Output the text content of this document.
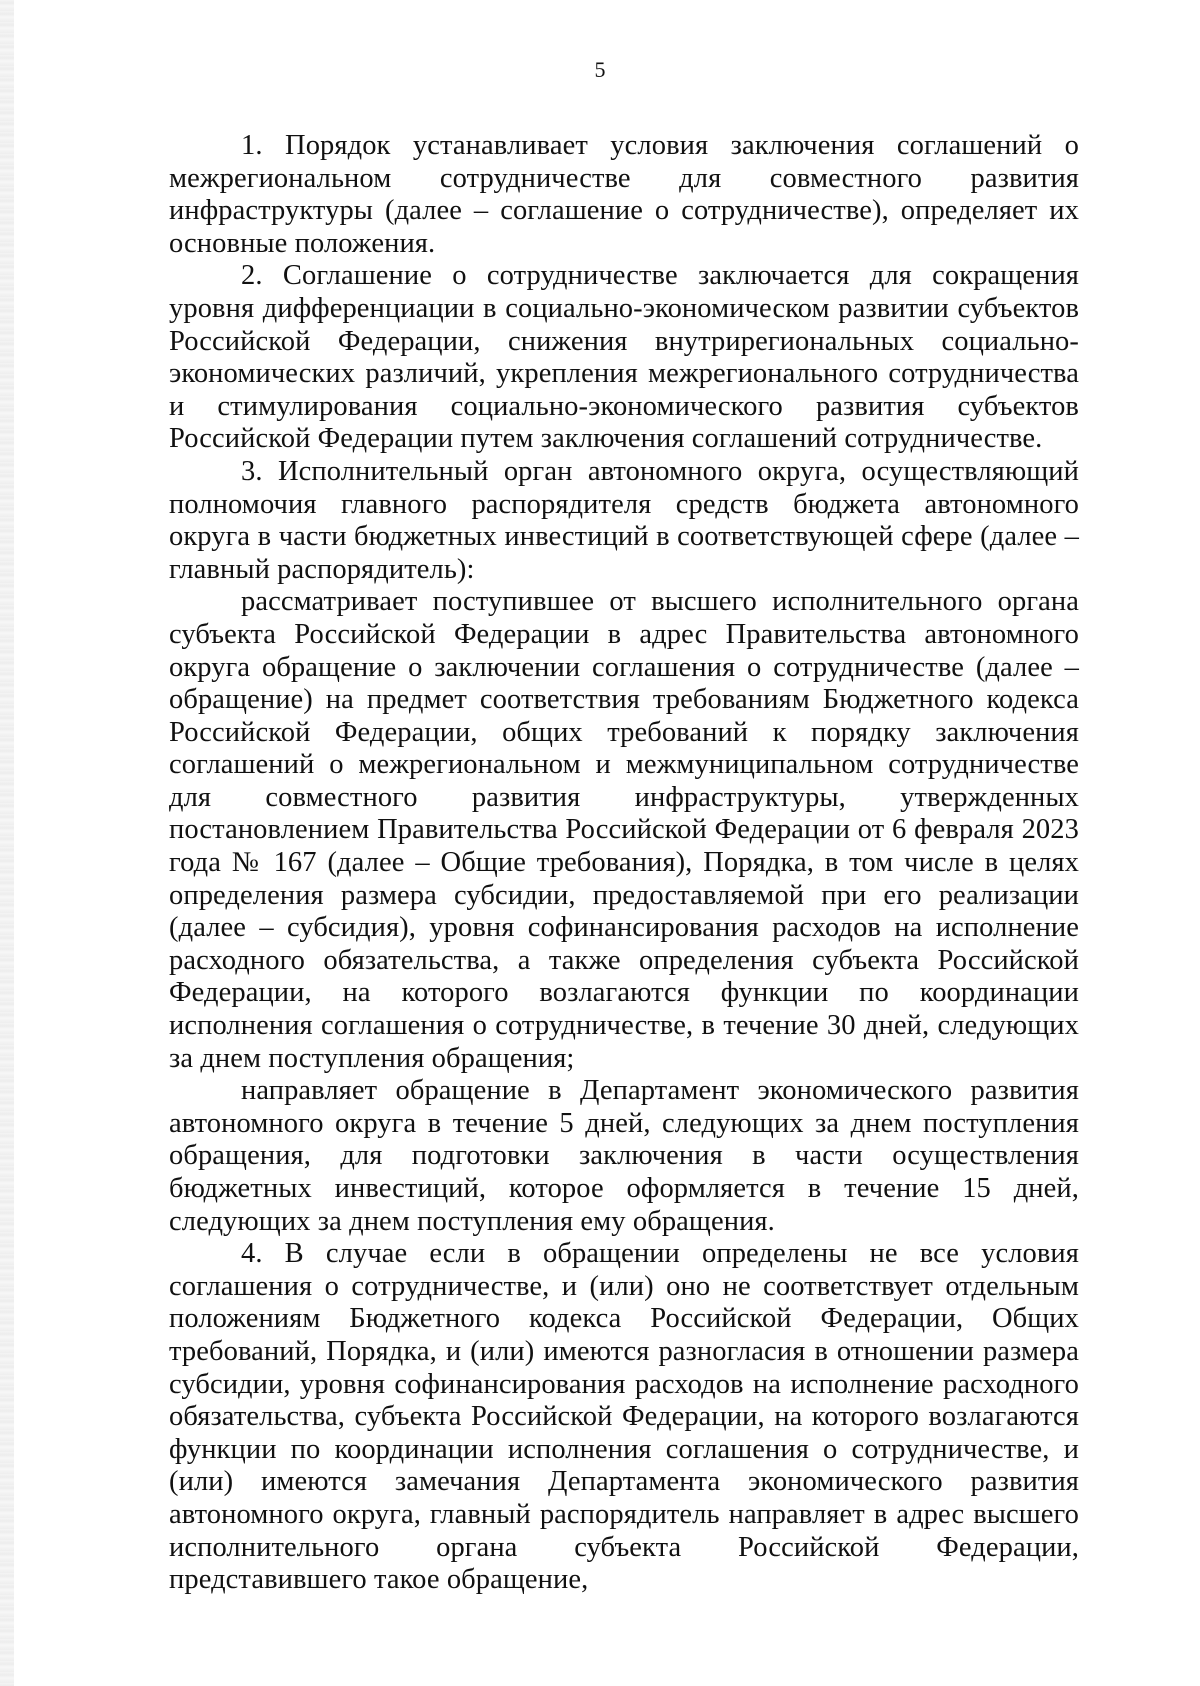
5

1. Порядок устанавливает условия заключения соглашений о межрегиональном сотрудничестве для совместного развития инфраструктуры (далее – соглашение о сотрудничестве), определяет их основные положения.

2. Соглашение о сотрудничестве заключается для сокращения уровня дифференциации в социально-экономическом развитии субъектов Российской Федерации, снижения внутрирегиональных социально-экономических различий, укрепления межрегионального сотрудничества и стимулирования социально-экономического развития субъектов Российской Федерации путем заключения соглашений сотрудничестве.

3. Исполнительный орган автономного округа, осуществляющий полномочия главного распорядителя средств бюджета автономного округа в части бюджетных инвестиций в соответствующей сфере (далее – главный распорядитель):

рассматривает поступившее от высшего исполнительного органа субъекта Российской Федерации в адрес Правительства автономного округа обращение о заключении соглашения о сотрудничестве (далее – обращение) на предмет соответствия требованиям Бюджетного кодекса Российской Федерации, общих требований к порядку заключения соглашений о межрегиональном и межмуниципальном сотрудничестве для совместного развития инфраструктуры, утвержденных постановлением Правительства Российской Федерации от 6 февраля 2023 года № 167 (далее – Общие требования), Порядка, в том числе в целях определения размера субсидии, предоставляемой при его реализации (далее – субсидия), уровня софинансирования расходов на исполнение расходного обязательства, а также определения субъекта Российской Федерации, на которого возлагаются функции по координации исполнения соглашения о сотрудничестве, в течение 30 дней, следующих за днем поступления обращения;

направляет обращение в Департамент экономического развития автономного округа в течение 5 дней, следующих за днем поступления обращения, для подготовки заключения в части осуществления бюджетных инвестиций, которое оформляется в течение 15 дней, следующих за днем поступления ему обращения.

4. В случае если в обращении определены не все условия соглашения о сотрудничестве, и (или) оно не соответствует отдельным положениям Бюджетного кодекса Российской Федерации, Общих требований, Порядка, и (или) имеются разногласия в отношении размера субсидии, уровня софинансирования расходов на исполнение расходного обязательства, субъекта Российской Федерации, на которого возлагаются функции по координации исполнения соглашения о сотрудничестве, и (или) имеются замечания Департамента экономического развития автономного округа, главный распорядитель направляет в адрес высшего исполнительного органа субъекта Российской Федерации, представившего такое обращение,
